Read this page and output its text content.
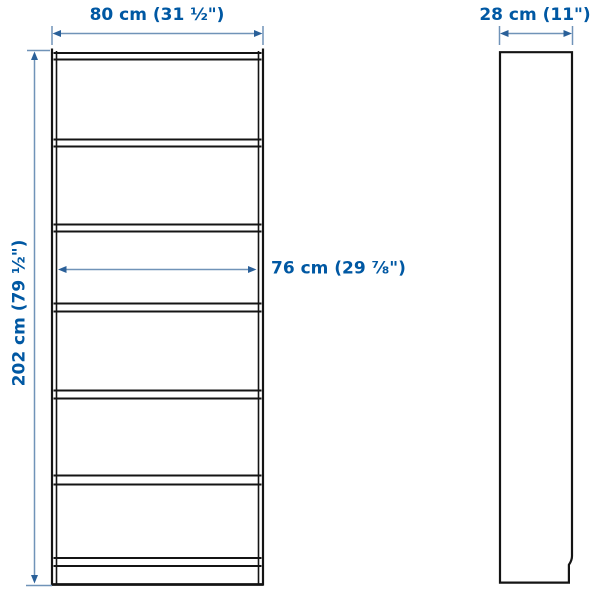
80 cm (31 ½")	28 cm (11")
202 cm (79 ½")	76 cm (29 ⅞")
